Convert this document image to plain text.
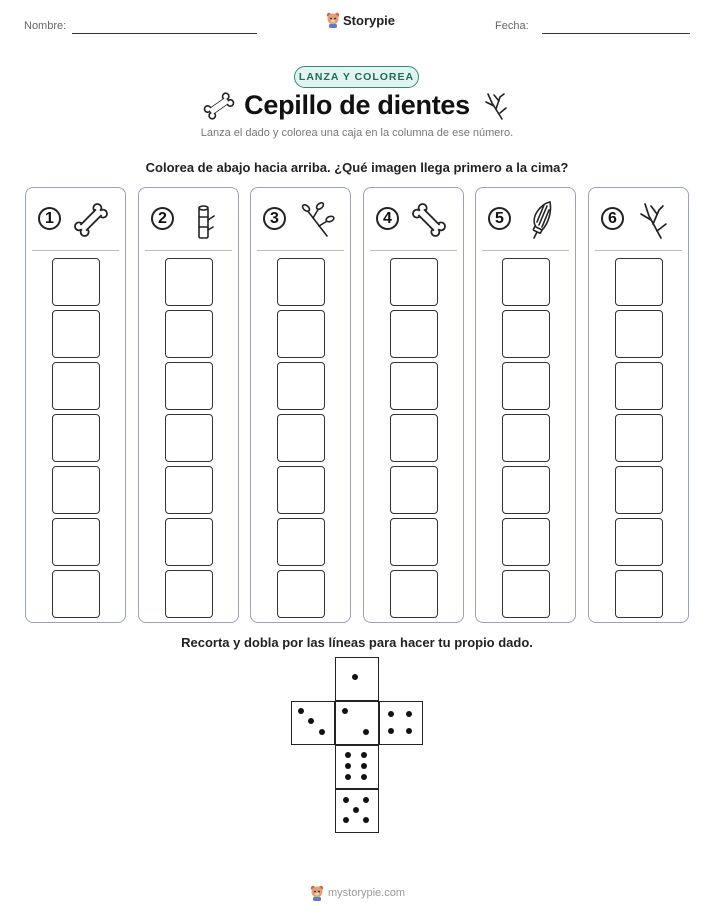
Nombre:	Storypie	Fecha:
LANZA Y COLOREA
Cepillo de dientes
Lanza el dado y colorea una caja en la columna de ese número.
Colorea de abajo hacia arriba. ¿Qué imagen llega primero a la cima?
1	2	3	4	5	6
Recorta y dobla por las líneas para hacer tu propio dado.
mystorypie.com
